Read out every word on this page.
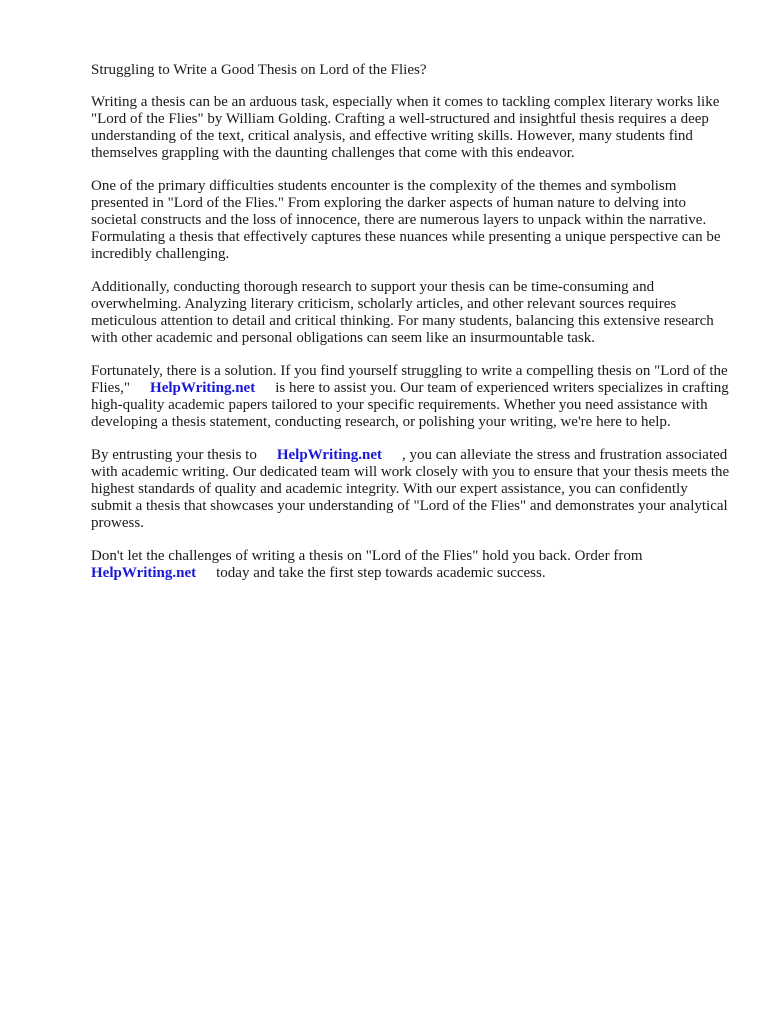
Struggling to Write a Good Thesis on Lord of the Flies?

Writing a thesis can be an arduous task, especially when it comes to tackling complex literary works like "Lord of the Flies" by William Golding. Crafting a well-structured and insightful thesis requires a deep understanding of the text, critical analysis, and effective writing skills. However, many students find themselves grappling with the daunting challenges that come with this endeavor.

One of the primary difficulties students encounter is the complexity of the themes and symbolism presented in "Lord of the Flies." From exploring the darker aspects of human nature to delving into societal constructs and the loss of innocence, there are numerous layers to unpack within the narrative. Formulating a thesis that effectively captures these nuances while presenting a unique perspective can be incredibly challenging.

Additionally, conducting thorough research to support your thesis can be time-consuming and overwhelming. Analyzing literary criticism, scholarly articles, and other relevant sources requires meticulous attention to detail and critical thinking. For many students, balancing this extensive research with other academic and personal obligations can seem like an insurmountable task.

Fortunately, there is a solution. If you find yourself struggling to write a compelling thesis on "Lord of the Flies," HelpWriting.net is here to assist you. Our team of experienced writers specializes in crafting high-quality academic papers tailored to your specific requirements. Whether you need assistance with developing a thesis statement, conducting research, or polishing your writing, we're here to help.

By entrusting your thesis to HelpWriting.net , you can alleviate the stress and frustration associated with academic writing. Our dedicated team will work closely with you to ensure that your thesis meets the highest standards of quality and academic integrity. With our expert assistance, you can confidently submit a thesis that showcases your understanding of "Lord of the Flies" and demonstrates your analytical prowess.

Don't let the challenges of writing a thesis on "Lord of the Flies" hold you back. Order from HelpWriting.net today and take the first step towards academic success.
